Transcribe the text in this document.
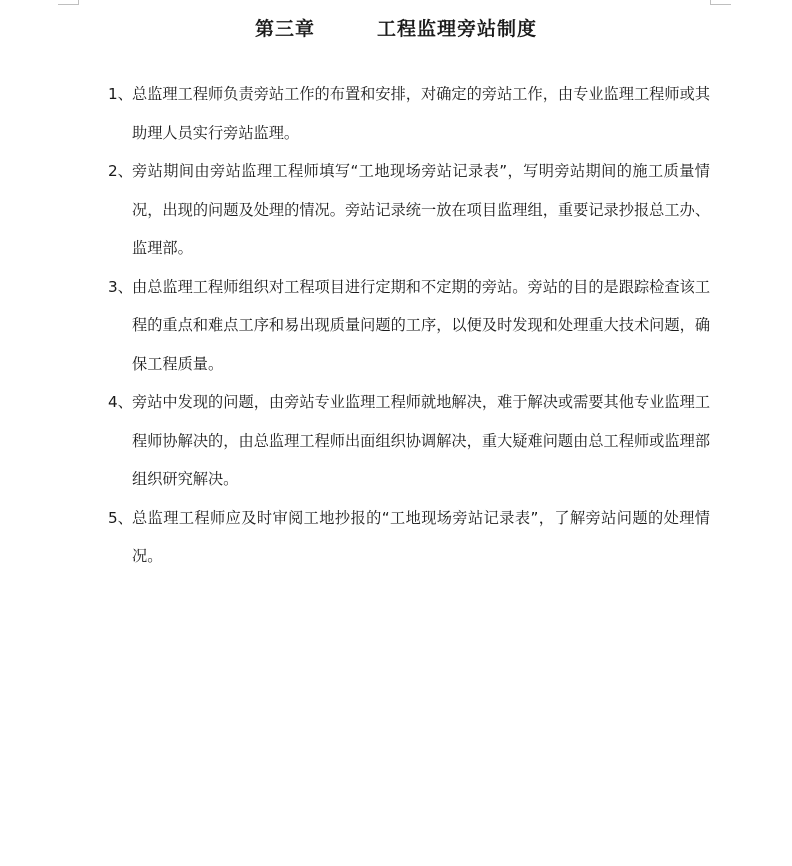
第三章	工程监理旁站制度
1、 总监理工程师负责旁站工作的布置和安排，对确定的旁站工作，由专业监理工程师或其助理人员实行旁站监理。
2、 旁站期间由旁站监理工程师填写“工地现场旁站记录表”，写明旁站期间的施工质量情况，出现的问题及处理的情况。旁站记录统一放在项目监理组，重要记录抄报总工办、监理部。
3、 由总监理工程师组织对工程项目进行定期和不定期的旁站。旁站的目的是跟踪检查该工程的重点和难点工序和易出现质量问题的工序，以便及时发现和处理重大技术问题，确保工程质量。
4、 旁站中发现的问题，由旁站专业监理工程师就地解决，难于解决或需要其他专业监理工程师协解决的，由总监理工程师出面组织协调解决，重大疑难问题由总工程师或监理部组织研究解决。
5、 总监理工程师应及时审阅工地抄报的“工地现场旁站记录表”，了解旁站问题的处理情况。
